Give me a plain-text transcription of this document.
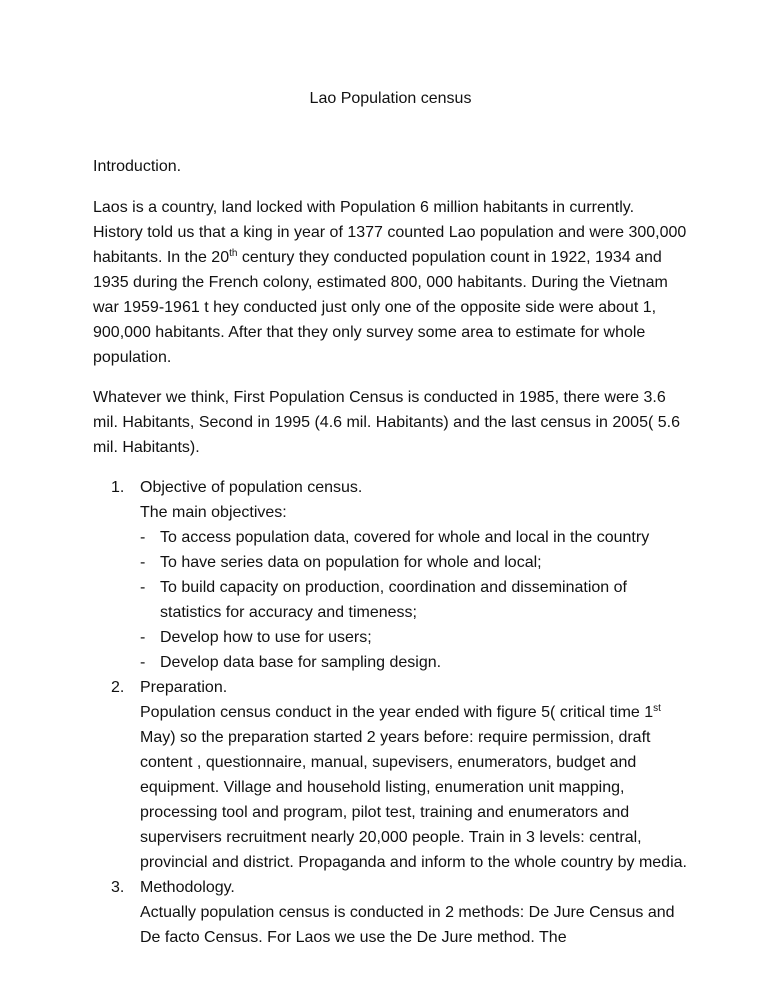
Lao Population census

Introduction.

Laos is a country, land locked with Population 6 million habitants in currently. History told us that a king in year of 1377 counted Lao population and were 300,000 habitants. In the 20th century they conducted population count in 1922, 1934 and 1935 during the French colony, estimated 800, 000 habitants. During the Vietnam war 1959-1961 t hey conducted just only one of the opposite side were about 1, 900,000 habitants. After that they only survey some area to estimate for whole population.

Whatever we think, First Population Census is conducted in 1985, there were 3.6 mil. Habitants, Second in 1995 (4.6 mil. Habitants) and the last census in 2005( 5.6 mil. Habitants).

1. Objective of population census.
The main objectives:
- To access population data, covered for whole and local in the country
- To have series data on population for whole and local;
- To build capacity on production, coordination and dissemination of statistics for accuracy and timeness;
- Develop how to use for users;
- Develop data base for sampling design.
2. Preparation.
Population census conduct in the year ended with figure 5( critical time 1st May) so the preparation started 2 years before: require permission, draft content , questionnaire, manual, supevisers, enumerators, budget and equipment. Village and household listing, enumeration unit mapping, processing tool and program, pilot test, training and enumerators and supervisers recruitment nearly 20,000 people. Train in 3 levels: central, provincial and district. Propaganda and inform to the whole country by media.
3. Methodology.
Actually population census is conducted in 2 methods: De Jure Census and De facto Census. For Laos we use the De Jure method. The
